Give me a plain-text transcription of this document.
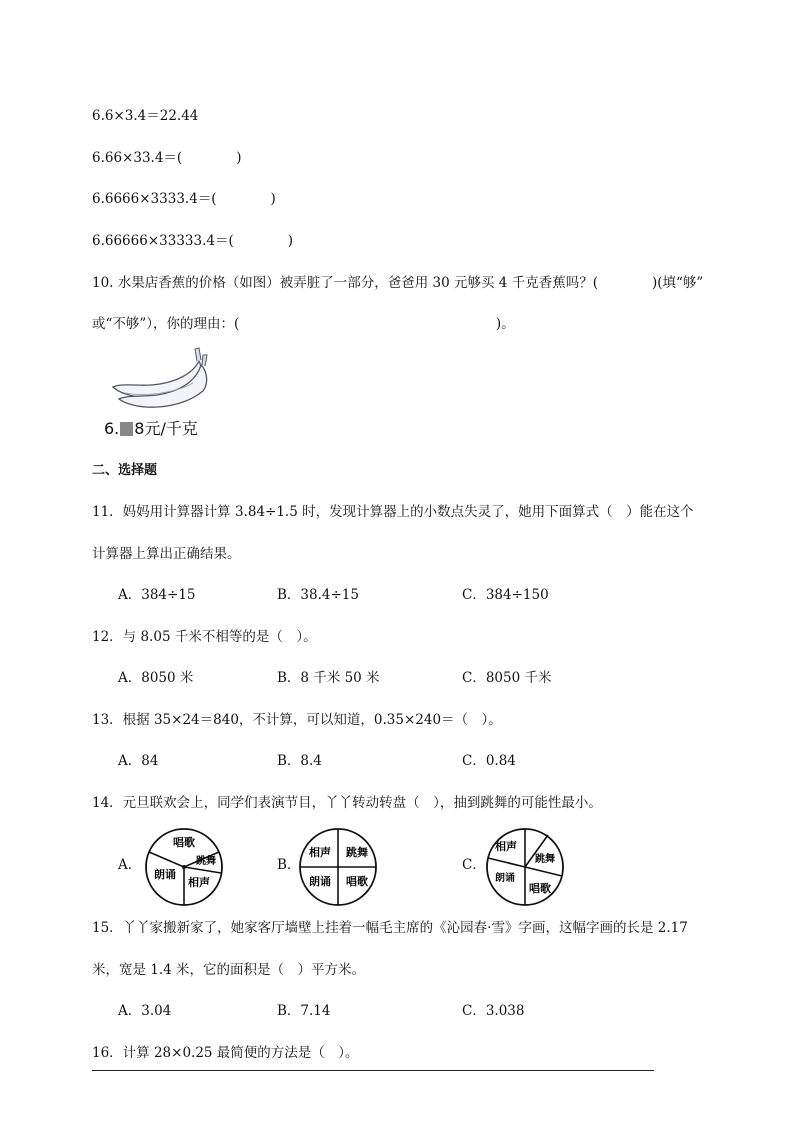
6.6×3.4＝22.44
6.66×33.4＝(　　　　)
6.6666×3333.4＝(　　　　)
6.66666×33333.4＝(　　　　)
10. 水果店香蕉的价格（如图）被弄脏了一部分，爸爸用 30 元够买 4 千克香蕉吗？(　　　　)(填“够”
或“不够”），你的理由：(　　　　　　　　　　　　　　　　　　　)。
6. 8元/千克
二、选择题
11．妈妈用计算器计算 3.84÷1.5 时，发现计算器上的小数点失灵了，她用下面算式（　）能在这个
计算器上算出正确结果。
A．384÷15	B．38.4÷15	C．384÷150
12．与 8.05 千米不相等的是（　）。
A．8050 米	B．8 千米 50 米	C．8050 千米
13．根据 35×24＝840，不计算，可以知道，0.35×240＝（　）。
A．84	B．8.4	C．0.84
14．元旦联欢会上，同学们表演节目，丫丫转动转盘（　），抽到跳舞的可能性最小。
A．
唱歌
跳舞
相声
朗诵
B．
相声 跳舞
朗诵 唱歌
C．
相声
跳舞
朗诵
唱歌
15．丫丫家搬新家了，她家客厅墙壁上挂着一幅毛主席的《沁园春·雪》字画，这幅字画的长是 2.17
米，宽是 1.4 米，它的面积是（　）平方米。
A．3.04	B．7.14	C．3.038
16．计算 28×0.25 最简便的方法是（　）。
